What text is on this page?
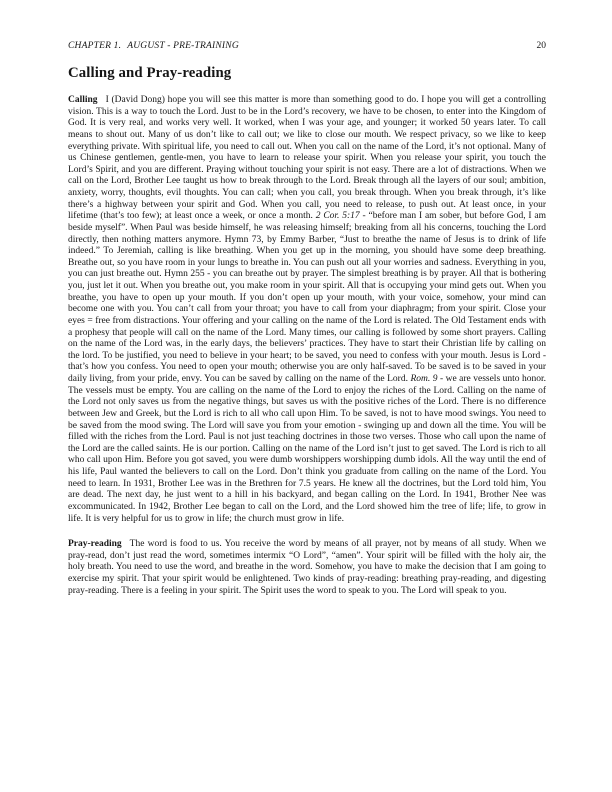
CHAPTER 1. AUGUST - PRE-TRAINING	20
Calling and Pray-reading

Calling I (David Dong) hope you will see this matter is more than something good to do. I hope you will get a controlling vision. This is a way to touch the Lord. Just to be in the Lord’s recovery, we have to be chosen, to enter into the Kingdom of God. It is very real, and works very well. It worked, when I was your age, and younger; it worked 50 years later. To call means to shout out. Many of us don’t like to call out; we like to close our mouth. We respect privacy, so we like to keep everything private. With spiritual life, you need to call out. When you call on the name of the Lord, it’s not optional. Many of us Chinese gentlemen, gentle-men, you have to learn to release your spirit. When you release your spirit, you touch the Lord’s Spirit, and you are different. Praying without touching your spirit is not easy. There are a lot of distractions. When we call on the Lord, Brother Lee taught us how to break through to the Lord. Break through all the layers of our soul; ambition, anxiety, worry, thoughts, evil thoughts. You can call; when you call, you break through. When you break through, it’s like there’s a highway between your spirit and God. When you call, you need to release, to push out. At least once, in your lifetime (that’s too few); at least once a week, or once a month. 2 Cor. 5:17 - “before man I am sober, but before God, I am beside myself”. When Paul was beside himself, he was releasing himself; breaking from all his concerns, touching the Lord directly, then nothing matters anymore. Hymn 73, by Emmy Barber, “Just to breathe the name of Jesus is to drink of life indeed.” To Jeremiah, calling is like breathing. When you get up in the morning, you should have some deep breathing. Breathe out, so you have room in your lungs to breathe in. You can push out all your worries and sadness. Everything in you, you can just breathe out. Hymn 255 - you can breathe out by prayer. The simplest breathing is by prayer. All that is bothering you, just let it out. When you breathe out, you make room in your spirit. All that is occupying your mind gets out. When you breathe, you have to open up your mouth. If you don’t open up your mouth, with your voice, somehow, your mind can become one with you. You can’t call from your throat; you have to call from your diaphragm; from your spirit. Close your eyes = free from distractions. Your offering and your calling on the name of the Lord is related. The Old Testament ends with a prophesy that people will call on the name of the Lord. Many times, our calling is followed by some short prayers. Calling on the name of the Lord was, in the early days, the believers’ practices. They have to start their Christian life by calling on the lord. To be justified, you need to believe in your heart; to be saved, you need to confess with your mouth. Jesus is Lord - that’s how you confess. You need to open your mouth; otherwise you are only half-saved. To be saved is to be saved in your daily living, from your pride, envy. You can be saved by calling on the name of the Lord. Rom. 9 - we are vessels unto honor. The vessels must be empty. You are calling on the name of the Lord to enjoy the riches of the Lord. Calling on the name of the Lord not only saves us from the negative things, but saves us with the positive riches of the Lord. There is no difference between Jew and Greek, but the Lord is rich to all who call upon Him. To be saved, is not to have mood swings. You need to be saved from the mood swing. The Lord will save you from your emotion - swinging up and down all the time. You will be filled with the riches from the Lord. Paul is not just teaching doctrines in those two verses. Those who call upon the name of the Lord are the called saints. He is our portion. Calling on the name of the Lord isn’t just to get saved. The Lord is rich to all who call upon Him. Before you got saved, you were dumb worshippers worshipping dumb idols. All the way until the end of his life, Paul wanted the believers to call on the Lord. Don’t think you graduate from calling on the name of the Lord. You need to learn. In 1931, Brother Lee was in the Brethren for 7.5 years. He knew all the doctrines, but the Lord told him, You are dead. The next day, he just went to a hill in his backyard, and began calling on the Lord. In 1941, Brother Nee was excommunicated. In 1942, Brother Lee began to call on the Lord, and the Lord showed him the tree of life; life, to grow in life. It is very helpful for us to grow in life; the church must grow in life.

Pray-reading The word is food to us. You receive the word by means of all prayer, not by means of all study. When we pray-read, don’t just read the word, sometimes intermix “O Lord”, “amen”. Your spirit will be filled with the holy air, the holy breath. You need to use the word, and breathe in the word. Somehow, you have to make the decision that I am going to exercise my spirit. That your spirit would be enlightened. Two kinds of pray-reading: breathing pray-reading, and digesting pray-reading. There is a feeling in your spirit. The Spirit uses the word to speak to you. The Lord will speak to you.
